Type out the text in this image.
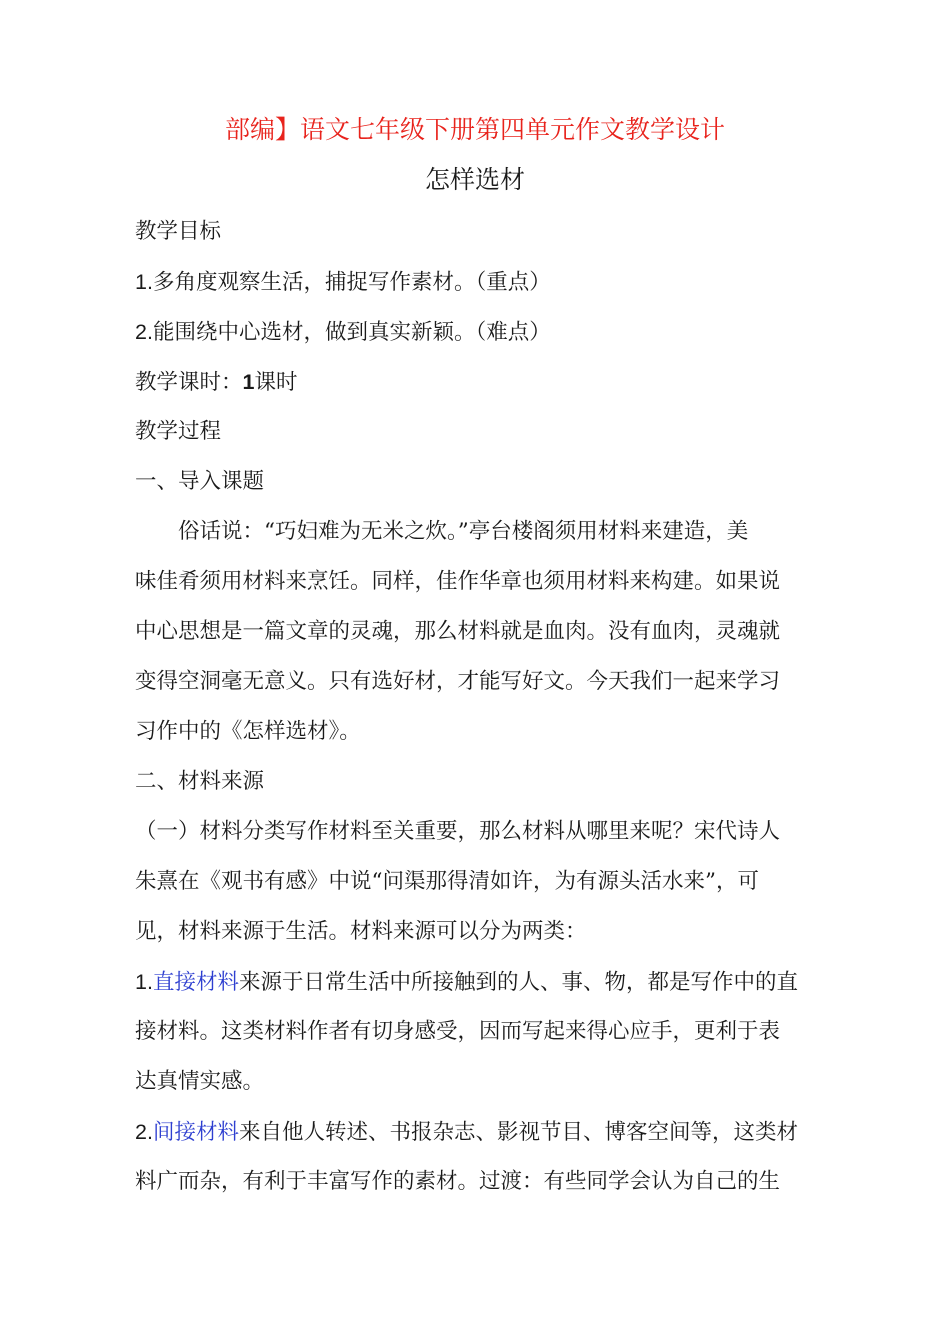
部编】语文七年级下册第四单元作文教学设计
怎样选材

教学目标

1.多角度观察生活，捕捉写作素材。（重点）

2.能围绕中心选材，做到真实新颖。（难点）

教学课时：1课时

教学过程

一、导入课题

俗话说：“巧妇难为无米之炊。”亭台楼阁须用材料来建造，美

味佳肴须用材料来烹饪。同样，佳作华章也须用材料来构建。如果说

中心思想是一篇文章的灵魂，那么材料就是血肉。没有血肉，灵魂就

变得空洞毫无意义。只有选好材，才能写好文。今天我们一起来学习

习作中的《怎样选材》。

二、材料来源

（一）材料分类写作材料至关重要，那么材料从哪里来呢？宋代诗人

朱熹在《观书有感》中说“问渠那得清如许，为有源头活水来”，可

见，材料来源于生活。材料来源可以分为两类：

1.直接材料来源于日常生活中所接触到的人、事、物，都是写作中的直

接材料。这类材料作者有切身感受，因而写起来得心应手，更利于表

达真情实感。

2.间接材料来自他人转述、书报杂志、影视节目、博客空间等，这类材

料广而杂，有利于丰富写作的素材。过渡：有些同学会认为自己的生
